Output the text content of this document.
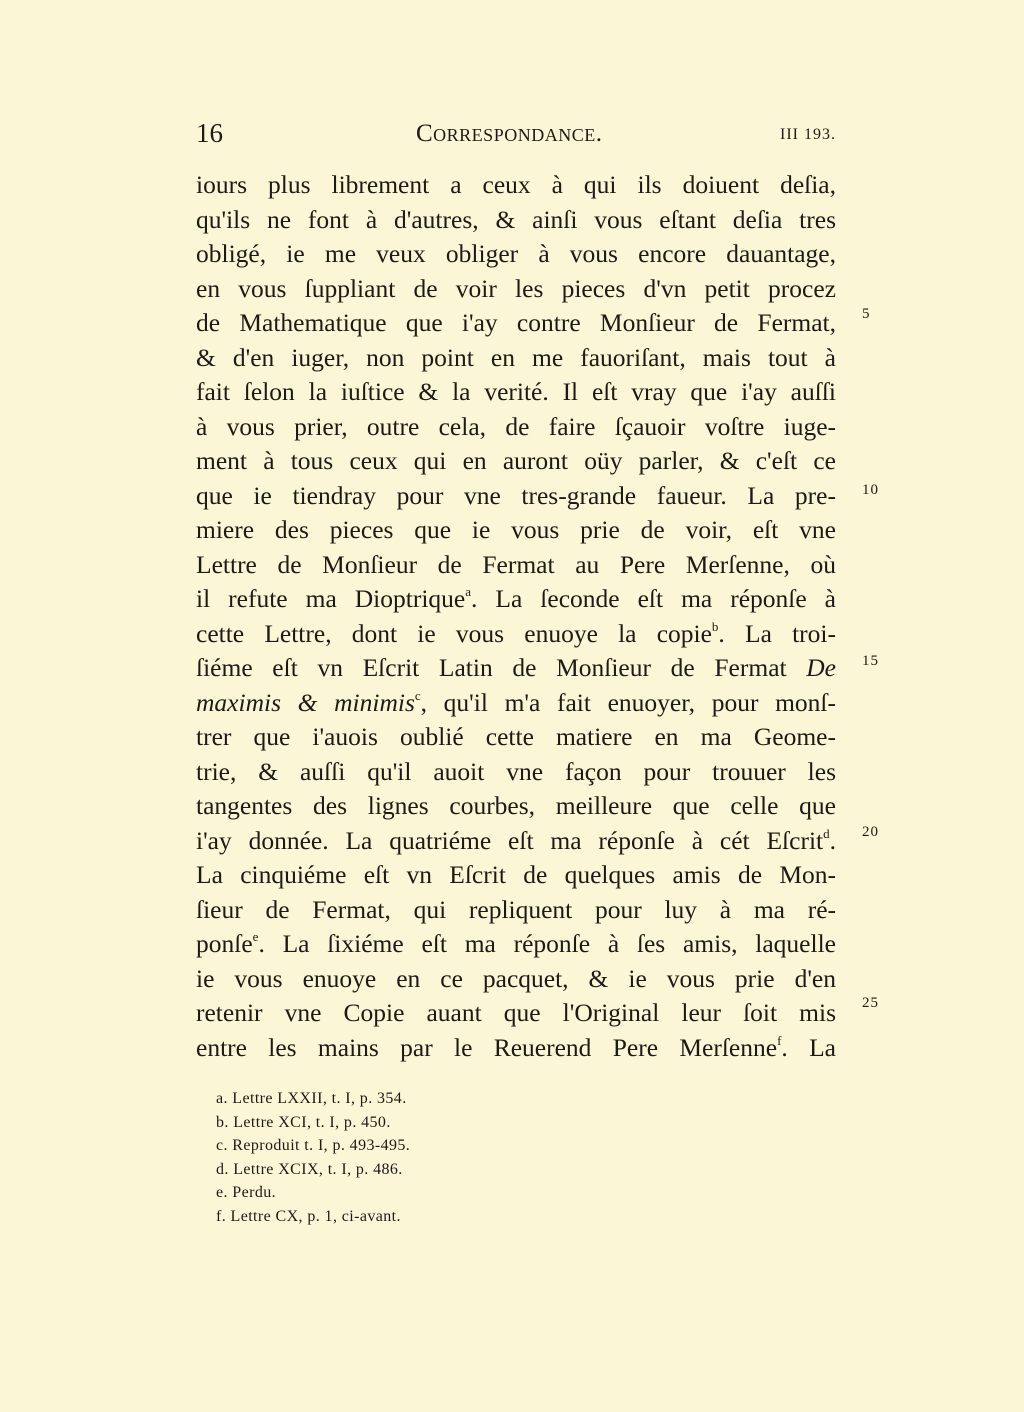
16	Correspondance.	III 193.
iours plus librement a ceux à qui ils doiuent deſia,
qu'ils ne font à d'autres, & ainſi vous eſtant deſia tres
obligé, ie me veux obliger à vous encore dauantage,
en vous ſuppliant de voir les pieces d'vn petit procez
de Mathematique que i'ay contre Monſieur de Fermat,
& d'en iuger, non point en me fauoriſant, mais tout à
fait ſelon la iuſtice & la verité. Il eſt vray que i'ay auſſi
à vous prier, outre cela, de faire ſçauoir voſtre iuge-
ment à tous ceux qui en auront oüy parler, & c'eſt ce
que ie tiendray pour vne tres-grande faueur. La pre-
miere des pieces que ie vous prie de voir, eſt vne
Lettre de Monſieur de Fermat au Pere Merſenne, où
il refute ma Dioptrique$^a$. La ſeconde eſt ma réponſe à
cette Lettre, dont ie vous enuoye la copie$^b$. La troi-
ſiéme eſt vn Eſcrit Latin de Monſieur de Fermat De
maximis & minimis$^c$, qu'il m'a fait enuoyer, pour monſ-
trer que i'auois oublié cette matiere en ma Geome-
trie, & auſſi qu'il auoit vne façon pour trouuer les
tangentes des lignes courbes, meilleure que celle que
i'ay donnée. La quatriéme eſt ma réponſe à cét Eſcrit$^d$.
La cinquiéme eſt vn Eſcrit de quelques amis de Mon-
ſieur de Fermat, qui repliquent pour luy à ma ré-
ponſe$^e$. La ſixiéme eſt ma réponſe à ſes amis, laquelle
ie vous enuoye en ce pacquet, & ie vous prie d'en
retenir vne Copie auant que l'Original leur ſoit mis
entre les mains par le Reuerend Pere Merſenne$^f$. La
5
10
15
20
25
a. Lettre LXXII, t. I, p. 354.
b. Lettre XCI, t. I, p. 450.
c. Reproduit t. I, p. 493-495.
d. Lettre XCIX, t. I, p. 486.
e. Perdu.
f. Lettre CX, p. 1, ci-avant.
